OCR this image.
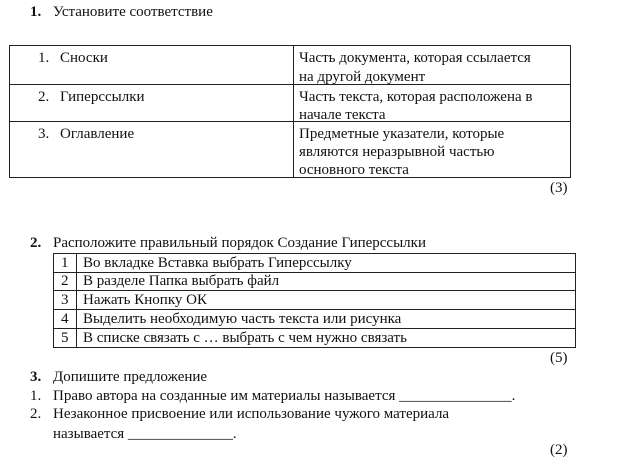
1. Установите соответствие
1. Сноски	Часть документа, которая ссылается
на другой документ
2. Гиперссылки	Часть текста, которая расположена в
начале текста
3. Оглавление	Предметные указатели, которые
являются неразрывной частью
основного текста
(3)
2. Расположите правильный порядок Создание Гиперссылки
1 Во вкладке Вставка выбрать Гиперссылку
2 В разделе Папка выбрать файл
3 Нажать Кнопку ОК
4 Выделить необходимую часть текста или рисунка
5 В списке связать с … выбрать с чем нужно связать
(5)
3. Допишите предложение
1. Право автора на созданные им материалы называется _______________.
2. Незаконное присвоение или использование чужого материала
называется ______________.
(2)
